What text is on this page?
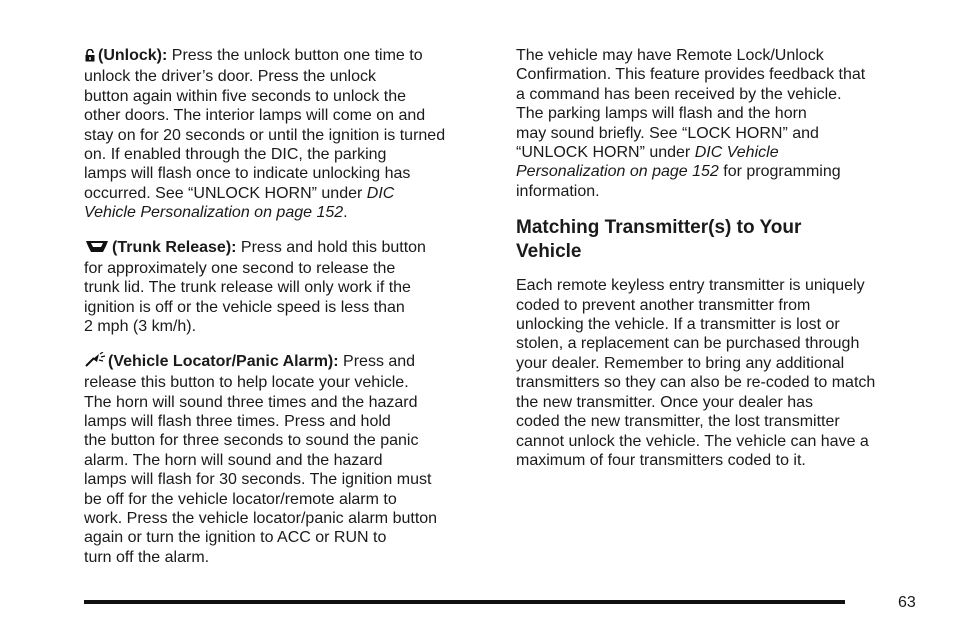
(Unlock): Press the unlock button one time to
unlock the driver’s door. Press the unlock
button again within five seconds to unlock the
other doors. The interior lamps will come on and
stay on for 20 seconds or until the ignition is turned
on. If enabled through the DIC, the parking
lamps will flash once to indicate unlocking has
occurred. See “UNLOCK HORN” under DIC
Vehicle Personalization on page 152.

(Trunk Release): Press and hold this button
for approximately one second to release the
trunk lid. The trunk release will only work if the
ignition is off or the vehicle speed is less than
2 mph (3 km/h).

(Vehicle Locator/Panic Alarm): Press and
release this button to help locate your vehicle.
The horn will sound three times and the hazard
lamps will flash three times. Press and hold
the button for three seconds to sound the panic
alarm. The horn will sound and the hazard
lamps will flash for 30 seconds. The ignition must
be off for the vehicle locator/remote alarm to
work. Press the vehicle locator/panic alarm button
again or turn the ignition to ACC or RUN to
turn off the alarm.

The vehicle may have Remote Lock/Unlock
Confirmation. This feature provides feedback that
a command has been received by the vehicle.
The parking lamps will flash and the horn
may sound briefly. See “LOCK HORN” and
“UNLOCK HORN” under DIC Vehicle
Personalization on page 152 for programming
information.

Matching Transmitter(s) to Your
Vehicle

Each remote keyless entry transmitter is uniquely
coded to prevent another transmitter from
unlocking the vehicle. If a transmitter is lost or
stolen, a replacement can be purchased through
your dealer. Remember to bring any additional
transmitters so they can also be re-coded to match
the new transmitter. Once your dealer has
coded the new transmitter, the lost transmitter
cannot unlock the vehicle. The vehicle can have a
maximum of four transmitters coded to it.

63
